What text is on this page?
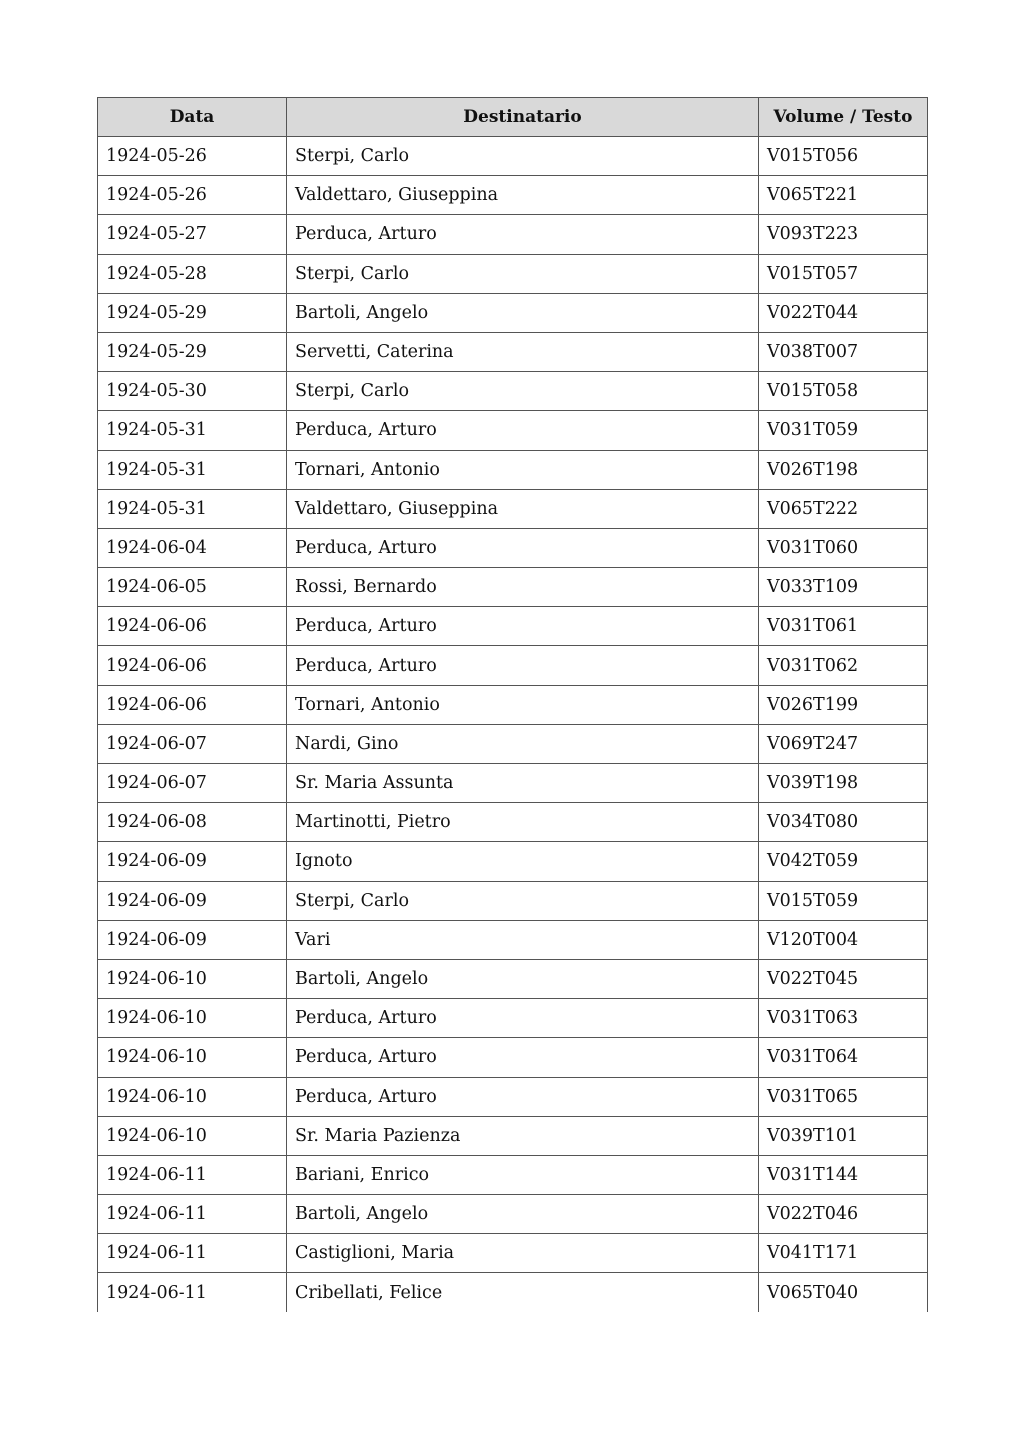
Data	Destinatario	Volume / Testo
1924-05-26	Sterpi, Carlo	V015T056
1924-05-26	Valdettaro, Giuseppina	V065T221
1924-05-27	Perduca, Arturo	V093T223
1924-05-28	Sterpi, Carlo	V015T057
1924-05-29	Bartoli, Angelo	V022T044
1924-05-29	Servetti, Caterina	V038T007
1924-05-30	Sterpi, Carlo	V015T058
1924-05-31	Perduca, Arturo	V031T059
1924-05-31	Tornari, Antonio	V026T198
1924-05-31	Valdettaro, Giuseppina	V065T222
1924-06-04	Perduca, Arturo	V031T060
1924-06-05	Rossi, Bernardo	V033T109
1924-06-06	Perduca, Arturo	V031T061
1924-06-06	Perduca, Arturo	V031T062
1924-06-06	Tornari, Antonio	V026T199
1924-06-07	Nardi, Gino	V069T247
1924-06-07	Sr. Maria Assunta	V039T198
1924-06-08	Martinotti, Pietro	V034T080
1924-06-09	Ignoto	V042T059
1924-06-09	Sterpi, Carlo	V015T059
1924-06-09	Vari	V120T004
1924-06-10	Bartoli, Angelo	V022T045
1924-06-10	Perduca, Arturo	V031T063
1924-06-10	Perduca, Arturo	V031T064
1924-06-10	Perduca, Arturo	V031T065
1924-06-10	Sr. Maria Pazienza	V039T101
1924-06-11	Bariani, Enrico	V031T144
1924-06-11	Bartoli, Angelo	V022T046
1924-06-11	Castiglioni, Maria	V041T171
1924-06-11	Cribellati, Felice	V065T040
